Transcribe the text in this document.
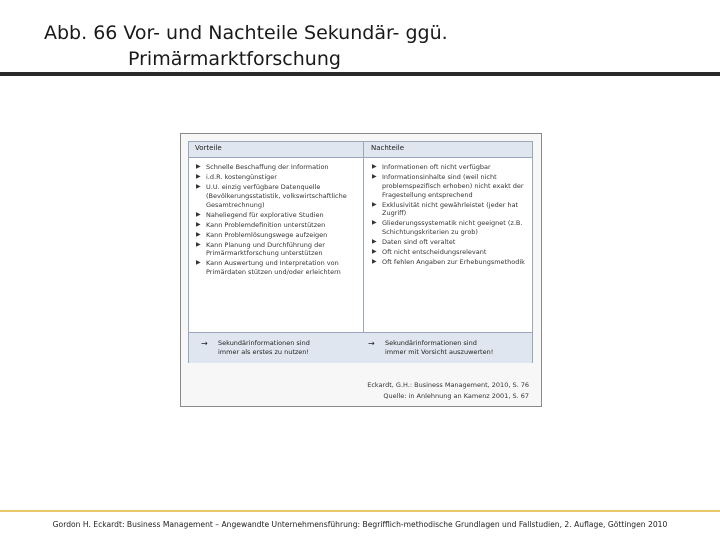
Abb. 66 Vor- und Nachteile Sekundär- ggü.
Primärmarktforschung
Eckardt, G.H.: Business Management, 2010, S. 76
Quelle: in Anlehnung an Kamenz 2001, S. 67
Vorteile	Nachteile
▶ Schnelle Beschaffung der Information
▶ i.d.R. kostengünstiger
▶ U.U. einzig verfügbare Datenquelle (Bevölkerungsstatistik, volkswirtschaftliche Gesamtrechnung)
▶ Naheliegend für explorative Studien
▶ Kann Problemdefinition unterstützen
▶ Kann Problemlösungswege aufzeigen
▶ Kann Planung und Durchführung der Primärmarktforschung unterstützen
▶ Kann Auswertung und Interpretation von Primärdaten stützen und/oder erleichtern
▶ Informationen oft nicht verfügbar
▶ Informationsinhalte sind (weil nicht problemspezifisch erhoben) nicht exakt der Fragestellung entsprechend
▶ Exklusivität nicht gewährleistet (jeder hat Zugriff)
▶ Gliederungssystematik nicht geeignet (z.B. Schichtungskriterien zu grob)
▶ Daten sind oft veraltet
▶ Oft nicht entscheidungsrelevant
▶ Oft fehlen Angaben zur Erhebungsmethodik
→ Sekundärinformationen sind
immer als erstes zu nutzen!
→ Sekundärinformationen sind
immer mit Vorsicht auszuwerten!
Gordon H. Eckardt: Business Management – Angewandte Unternehmensführung: Begrifflich-methodische Grundlagen und Fallstudien, 2. Auflage, Göttingen 2010
